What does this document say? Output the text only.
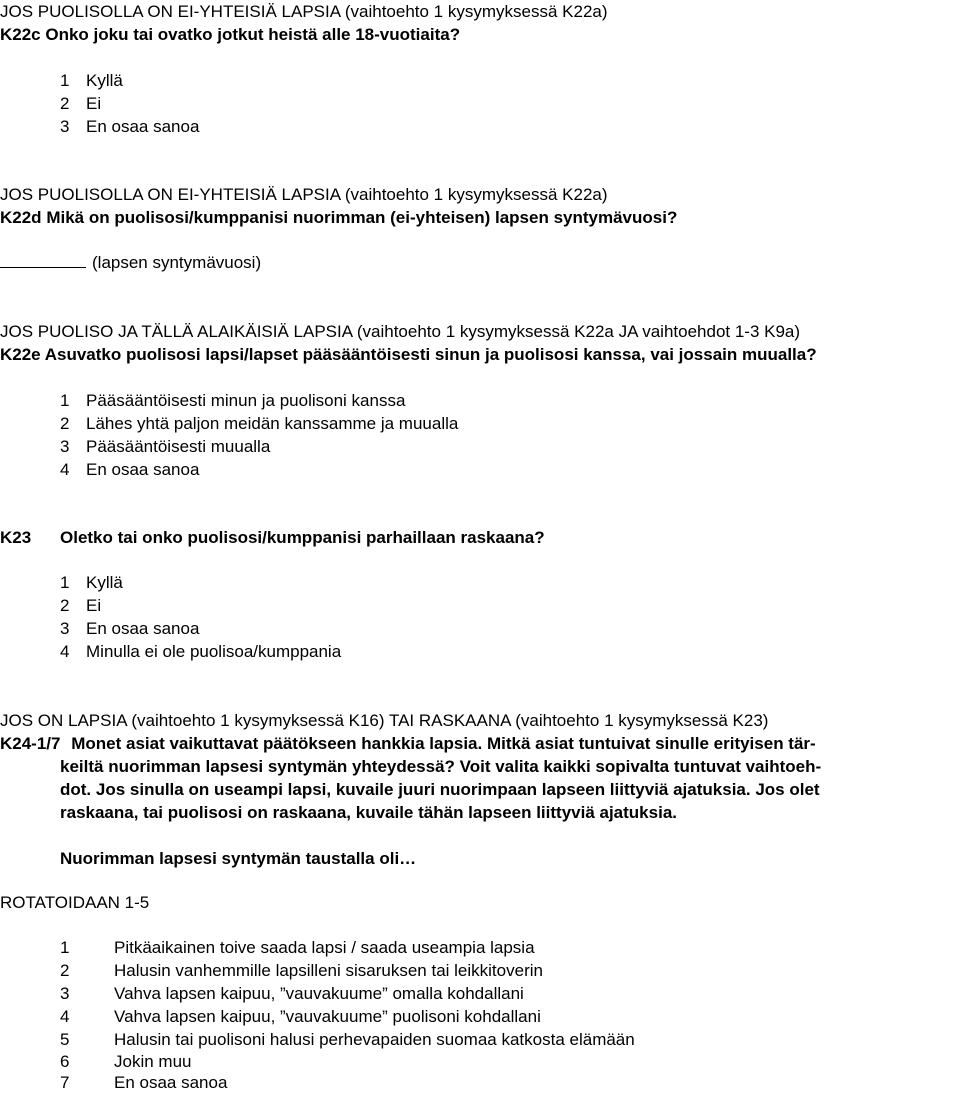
JOS PUOLISOLLA ON EI-YHTEISIÄ LAPSIA (vaihtoehto 1 kysymyksessä K22a)
K22c Onko joku tai ovatko jotkut heistä alle 18-vuotiaita?
1 Kyllä
2 Ei
3 En osaa sanoa
JOS PUOLISOLLA ON EI-YHTEISIÄ LAPSIA (vaihtoehto 1 kysymyksessä K22a)
K22d Mikä on puolisosi/kumppanisi nuorimman (ei-yhteisen) lapsen syntymävuosi?
(lapsen syntymävuosi)
JOS PUOLISO JA TÄLLÄ ALAIKÄISIÄ LAPSIA (vaihtoehto 1 kysymyksessä K22a JA vaihtoehdot 1-3 K9a)
K22e Asuvatko puolisosi lapsi/lapset pääsääntöisesti sinun ja puolisosi kanssa, vai jossain muualla?
1 Pääsääntöisesti minun ja puolisoni kanssa
2 Lähes yhtä paljon meidän kanssamme ja muualla
3 Pääsääntöisesti muualla
4 En osaa sanoa
K23 Oletko tai onko puolisosi/kumppanisi parhaillaan raskaana?
1 Kyllä
2 Ei
3 En osaa sanoa
4 Minulla ei ole puolisoa/kumppania
JOS ON LAPSIA (vaihtoehto 1 kysymyksessä K16) TAI RASKAANA (vaihtoehto 1 kysymyksessä K23)
K24-1/7 Monet asiat vaikuttavat päätökseen hankkia lapsia. Mitkä asiat tuntuivat sinulle erityisen tär-
keiltä nuorimman lapsesi syntymän yhteydessä? Voit valita kaikki sopivalta tuntuvat vaihtoeh-
dot. Jos sinulla on useampi lapsi, kuvaile juuri nuorimpaan lapseen liittyviä ajatuksia. Jos olet
raskaana, tai puolisosi on raskaana, kuvaile tähän lapseen liittyviä ajatuksia.
Nuorimman lapsesi syntymän taustalla oli…
ROTATOIDAAN 1-5
1	Pitkäaikainen toive saada lapsi / saada useampia lapsia
2	Halusin vanhemmille lapsilleni sisaruksen tai leikkitoverin
3	Vahva lapsen kaipuu, ”vauvakuume” omalla kohdallani
4	Vahva lapsen kaipuu, ”vauvakuume” puolisoni kohdallani
5	Halusin tai puolisoni halusi perhevapaiden suomaa katkosta elämään
6	Jokin muu
7	En osaa sanoa
